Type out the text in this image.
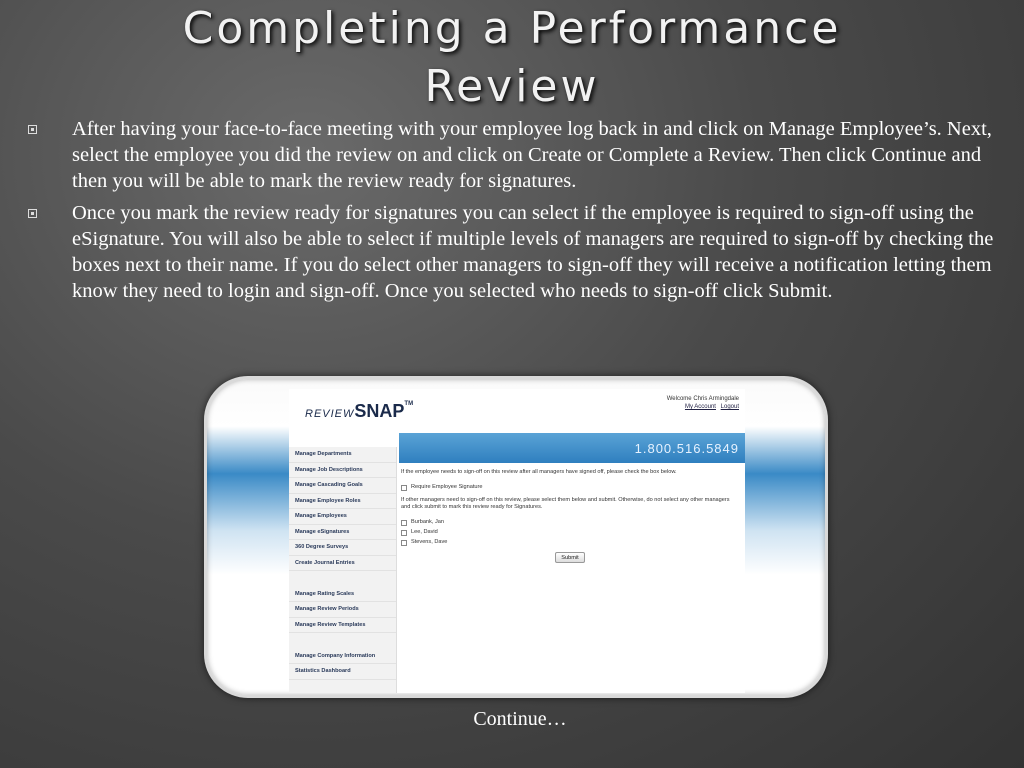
Completing a Performance
Review
After having your face-to-face meeting with your employee log back in and click on Manage Employee’s. Next, select the employee you did the review on and click on Create or Complete a Review. Then click Continue and then you will be able to mark the review ready for signatures.
Once you mark the review ready for signatures you can select if the employee is required to sign-off using the eSignature. You will also be able to select if multiple levels of managers are required to sign-off by checking the boxes next to their name. If you do select other managers to sign-off they will receive a notification letting them know they need to login and sign-off. Once you selected who needs to sign-off click Submit.
REVIEWSNAP™
Welcome Chris Armingdale
My Account Logout
1.800.516.5849
Manage Departments
Manage Job Descriptions
Manage Cascading Goals
Manage Employee Roles
Manage Employees
Manage eSignatures
360 Degree Surveys
Create Journal Entries
Manage Rating Scales
Manage Review Periods
Manage Review Templates
Manage Company Information
Statistics Dashboard

If the employee needs to sign-off on this review after all managers have signed off, please check the box below.

Require Employee Signature

If other managers need to sign-off on this review, please select them below and submit. Otherwise, do not select any other managers and click submit to mark this review ready for Signatures.

Burbank, Jan
Lee, David
Stevens, Dave
Submit
Continue…
